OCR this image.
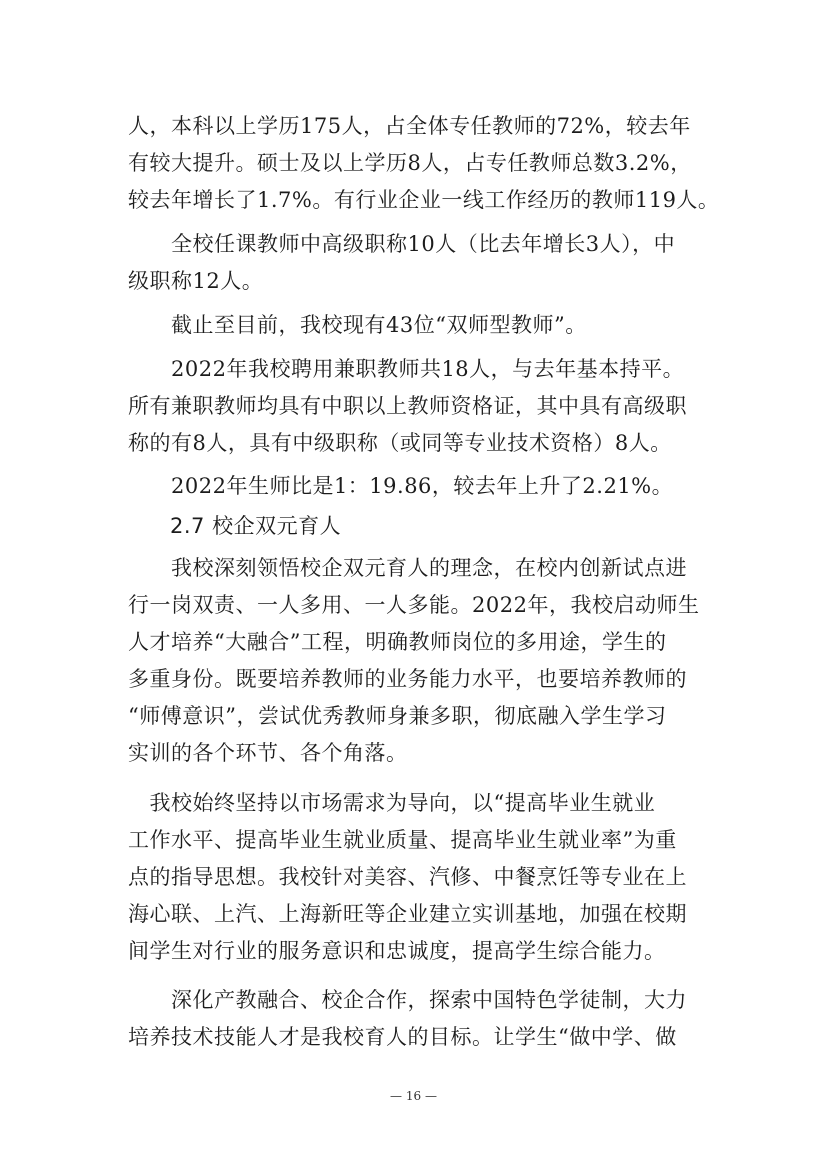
人，本科以上学历175人，占全体专任教师的72%，较去年
有较大提升。硕士及以上学历8人，占专任教师总数3.2%，
较去年增长了1.7%。有行业企业一线工作经历的教师119人。
　　全校任课教师中高级职称10人（比去年增长3人），中
级职称12人。
　　截止至目前，我校现有43位“双师型教师”。
　　2022年我校聘用兼职教师共18人，与去年基本持平。
所有兼职教师均具有中职以上教师资格证，其中具有高级职
称的有8人，具有中级职称（或同等专业技术资格）8人。
　　2022年生师比是1：19.86，较去年上升了2.21%。
2.7 校企双元育人
　　我校深刻领悟校企双元育人的理念，在校内创新试点进
行一岗双责、一人多用、一人多能。2022年，我校启动师生
人才培养“大融合”工程，明确教师岗位的多用途，学生的
多重身份。既要培养教师的业务能力水平，也要培养教师的
“师傅意识”，尝试优秀教师身兼多职，彻底融入学生学习
实训的各个环节、各个角落。
　我校始终坚持以市场需求为导向，以“提高毕业生就业
工作水平、提高毕业生就业质量、提高毕业生就业率”为重
点的指导思想。我校针对美容、汽修、中餐烹饪等专业在上
海心联、上汽、上海新旺等企业建立实训基地，加强在校期
间学生对行业的服务意识和忠诚度，提高学生综合能力。
　　深化产教融合、校企合作，探索中国特色学徒制，大力
培养技术技能人才是我校育人的目标。让学生“做中学、做
— 16 —
